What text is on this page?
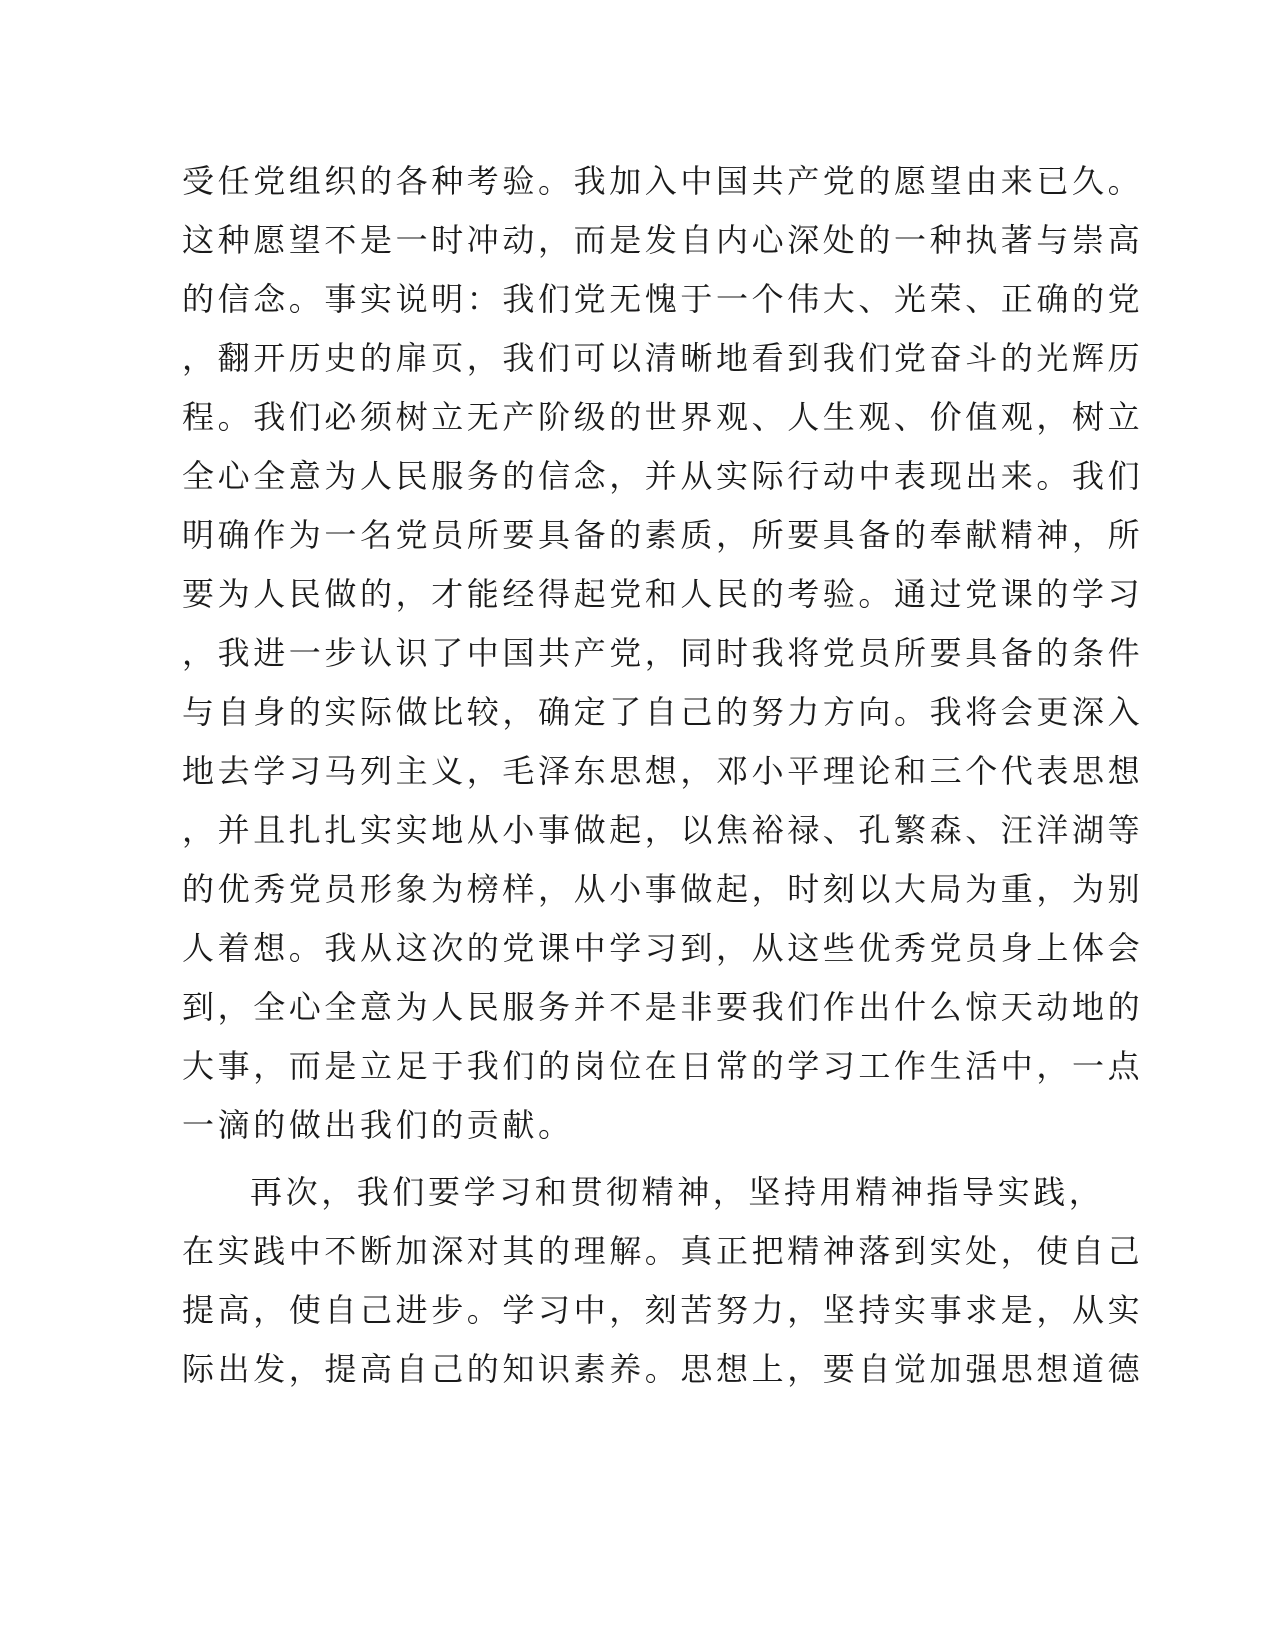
受任党组织的各种考验。我加入中国共产党的愿望由来已久。
这种愿望不是一时冲动，而是发自内心深处的一种执著与崇高
的信念。事实说明：我们党无愧于一个伟大、光荣、正确的党
，翻开历史的扉页，我们可以清晰地看到我们党奋斗的光辉历
程。我们必须树立无产阶级的世界观、人生观、价值观，树立
全心全意为人民服务的信念，并从实际行动中表现出来。我们
明确作为一名党员所要具备的素质，所要具备的奉献精神，所
要为人民做的，才能经得起党和人民的考验。通过党课的学习
，我进一步认识了中国共产党，同时我将党员所要具备的条件
与自身的实际做比较，确定了自己的努力方向。我将会更深入
地去学习马列主义，毛泽东思想，邓小平理论和三个代表思想
，并且扎扎实实地从小事做起，以焦裕禄、孔繁森、汪洋湖等
的优秀党员形象为榜样，从小事做起，时刻以大局为重，为别
人着想。我从这次的党课中学习到，从这些优秀党员身上体会
到，全心全意为人民服务并不是非要我们作出什么惊天动地的
大事，而是立足于我们的岗位在日常的学习工作生活中，一点
一滴的做出我们的贡献。
再次，我们要学习和贯彻精神，坚持用精神指导实践，
在实践中不断加深对其的理解。真正把精神落到实处，使自己
提高，使自己进步。学习中，刻苦努力，坚持实事求是，从实
际出发，提高自己的知识素养。思想上，要自觉加强思想道德
